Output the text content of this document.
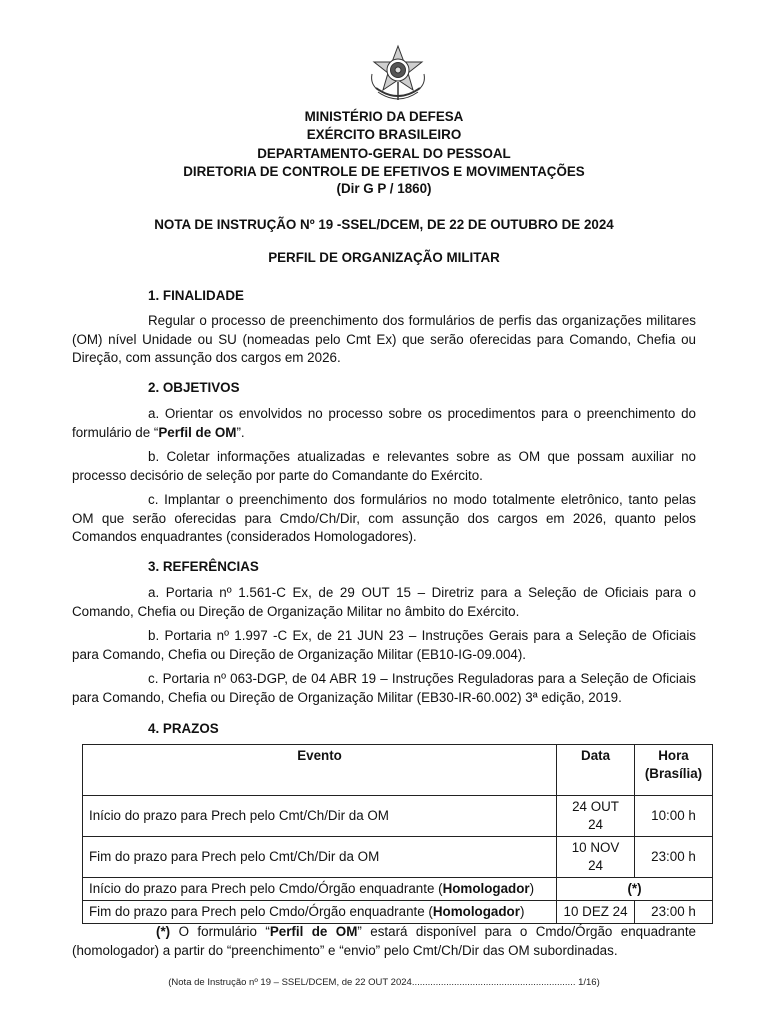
MINISTÉRIO DA DEFESA
EXÉRCITO BRASILEIRO
DEPARTAMENTO-GERAL DO PESSOAL
DIRETORIA DE CONTROLE DE EFETIVOS E MOVIMENTAÇÕES
(Dir G P / 1860)
NOTA DE INSTRUÇÃO Nº 19 -SSEL/DCEM, DE 22 DE OUTUBRO DE 2024
PERFIL DE ORGANIZAÇÃO MILITAR
1. FINALIDADE
Regular o processo de preenchimento dos formulários de perfis das organizações militares (OM) nível Unidade ou SU (nomeadas pelo Cmt Ex) que serão oferecidas para Comando, Chefia ou Direção, com assunção dos cargos em 2026.
2. OBJETIVOS
a. Orientar os envolvidos no processo sobre os procedimentos para o preenchimento do formulário de “Perfil de OM”.
b. Coletar informações atualizadas e relevantes sobre as OM que possam auxiliar no processo decisório de seleção por parte do Comandante do Exército.
c. Implantar o preenchimento dos formulários no modo totalmente eletrônico, tanto pelas OM que serão oferecidas para Cmdo/Ch/Dir, com assunção dos cargos em 2026, quanto pelos Comandos enquadrantes (considerados Homologadores).
3. REFERÊNCIAS
a. Portaria nº 1.561-C Ex, de 29 OUT 15 – Diretriz para a Seleção de Oficiais para o Comando, Chefia ou Direção de Organização Militar no âmbito do Exército.
b. Portaria nº 1.997 -C Ex, de 21 JUN 23 – Instruções Gerais para a Seleção de Oficiais para Comando, Chefia ou Direção de Organização Militar (EB10-IG-09.004).
c. Portaria nº 063-DGP, de 04 ABR 19 – Instruções Reguladoras para a Seleção de Oficiais para Comando, Chefia ou Direção de Organização Militar (EB30-IR-60.002) 3ª edição, 2019.
4. PRAZOS
Evento	Data	Hora (Brasília)
Início do prazo para Prech pelo Cmt/Ch/Dir da OM	24 OUT 24	10:00 h
Fim do prazo para Prech pelo Cmt/Ch/Dir da OM	10 NOV 24	23:00 h
Início do prazo para Prech pelo Cmdo/Órgão enquadrante (Homologador)	(*)	
Fim do prazo para Prech pelo Cmdo/Órgão enquadrante (Homologador)	10 DEZ 24	23:00 h
(*) O formulário “Perfil de OM” estará disponível para o Cmdo/Órgão enquadrante (homologador) a partir do “preenchimento” e “envio” pelo Cmt/Ch/Dir das OM subordinadas.
(Nota de Instrução nº 19 – SSEL/DCEM, de 22 OUT 2024.............................................................. 1/16)
